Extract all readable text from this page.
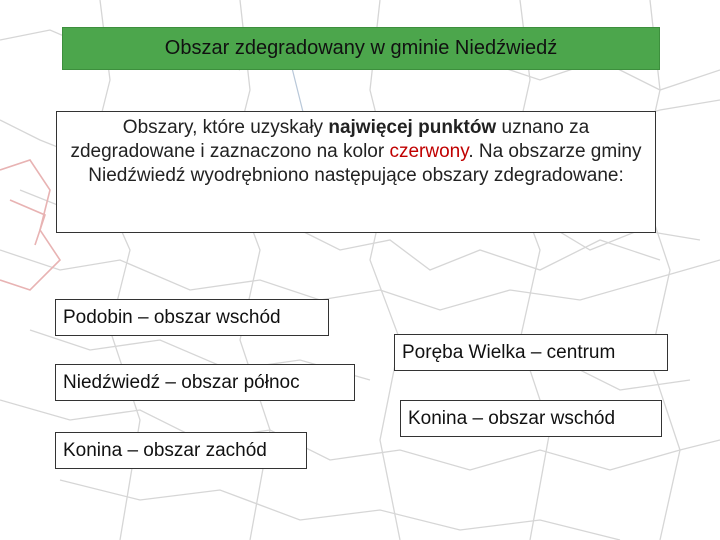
Obszar zdegradowany w gminie Niedźwiedź
Obszary, które uzyskały najwięcej punktów uznano za zdegradowane i zaznaczono na kolor czerwony. Na obszarze gminy Niedźwiedź wyodrębniono następujące obszary zdegradowane:
Podobin – obszar wschód
Poręba Wielka – centrum
Niedźwiedź – obszar północ
Konina – obszar wschód
Konina – obszar zachód
